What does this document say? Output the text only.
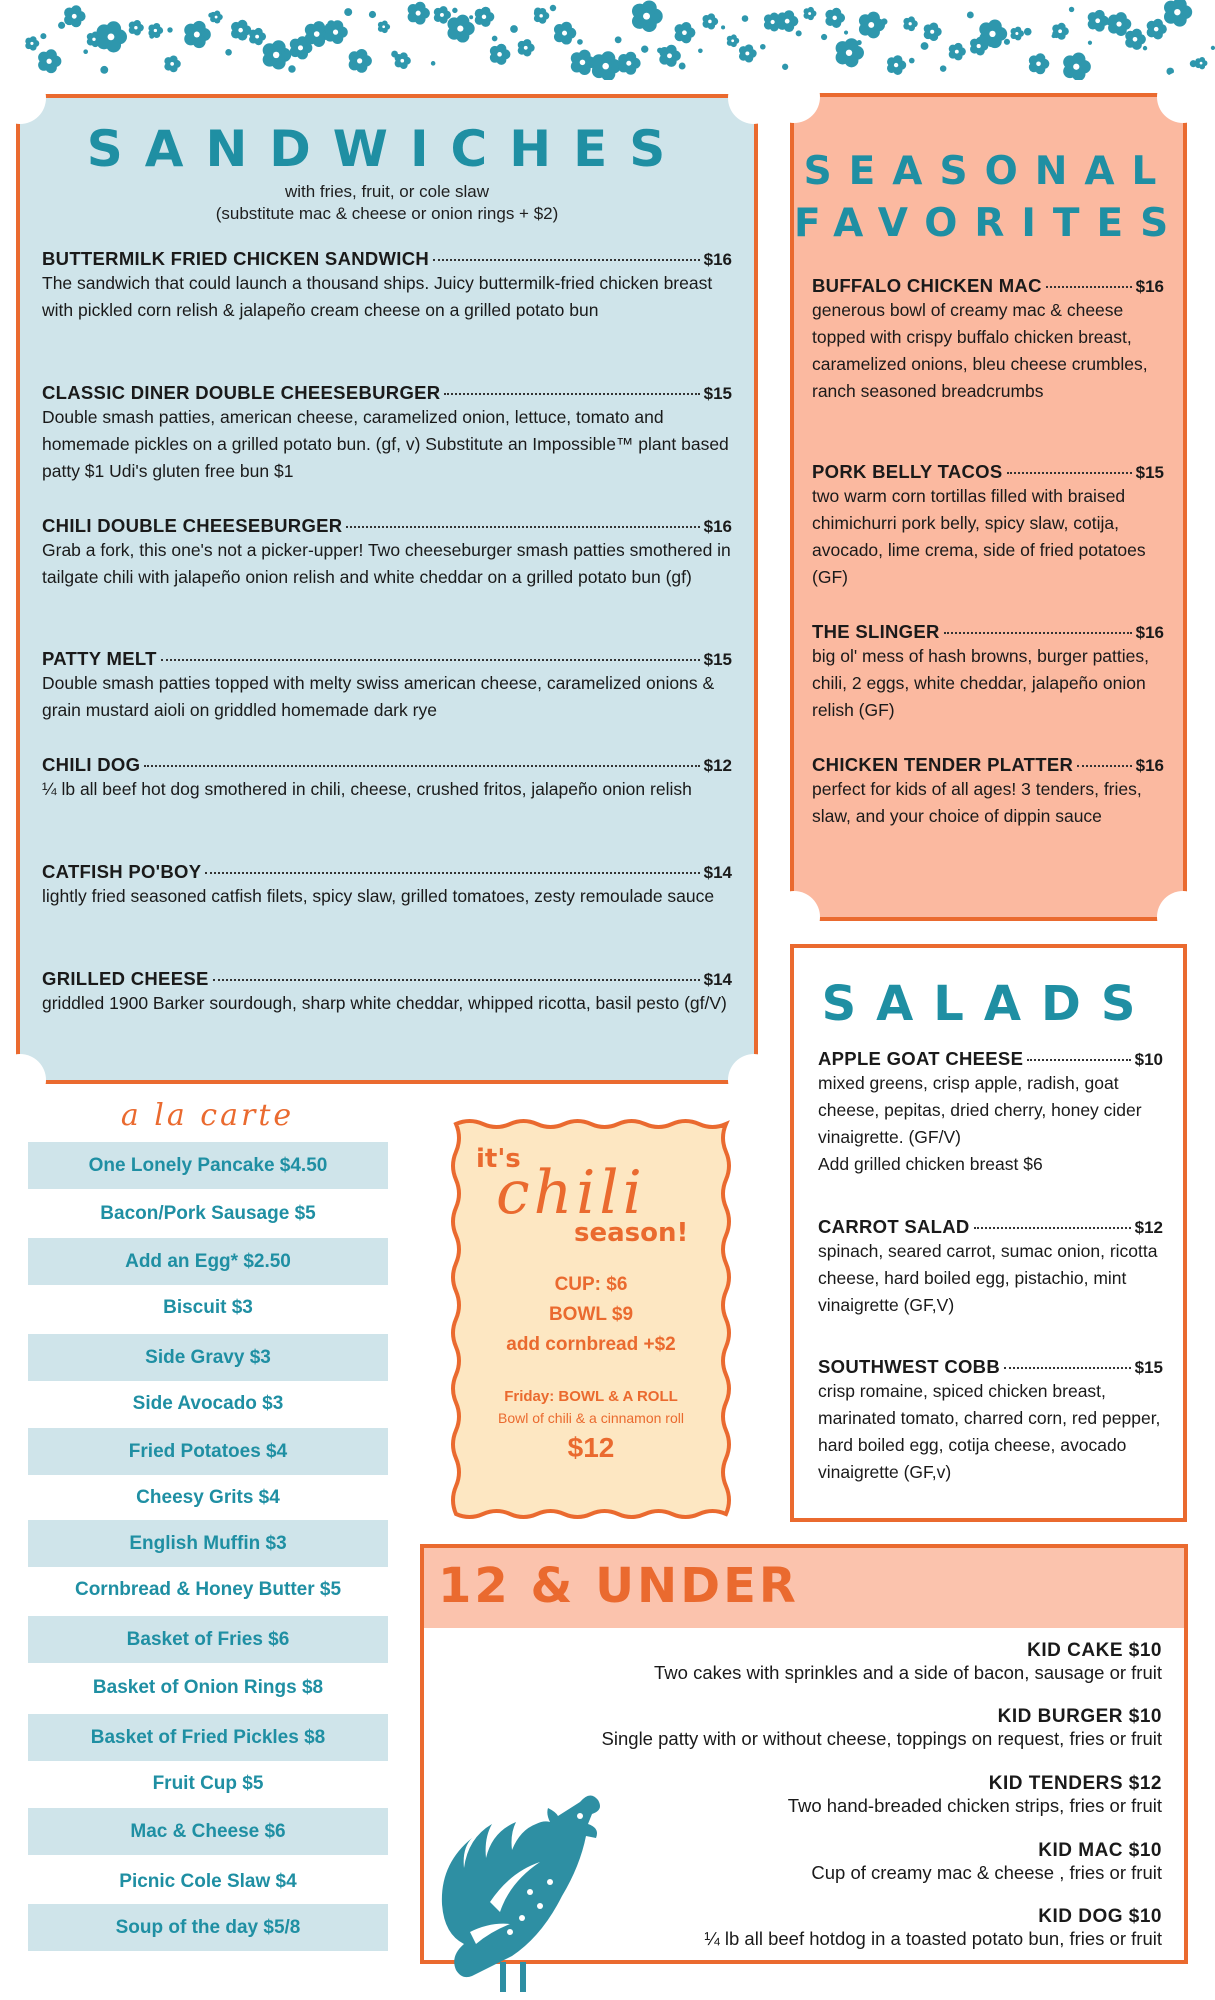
SANDWICHES
with fries, fruit, or cole slaw
(substitute mac & cheese or onion rings + $2)
BUTTERMILK FRIED CHICKEN SANDWICH	$16
The sandwich that could launch a thousand ships. Juicy buttermilk-fried chicken breast with pickled corn relish & jalapeño cream cheese on a grilled potato bun
CLASSIC DINER DOUBLE CHEESEBURGER	$15
Double smash patties, american cheese, caramelized onion, lettuce, tomato and homemade pickles on a grilled potato bun. (gf, v) Substitute an Impossible™ plant based patty $1 Udi's gluten free bun $1
CHILI DOUBLE CHEESEBURGER	$16
Grab a fork, this one's not a picker-upper! Two cheeseburger smash patties smothered in tailgate chili with jalapeño onion relish and white cheddar on a grilled potato bun (gf)
PATTY MELT	$15
Double smash patties topped with melty swiss american cheese, caramelized onions & grain mustard aioli on griddled homemade dark rye
CHILI DOG	$12
¼ lb all beef hot dog smothered in chili, cheese, crushed fritos, jalapeño onion relish
CATFISH PO'BOY	$14
lightly fried seasoned catfish filets, spicy slaw, grilled tomatoes, zesty remoulade sauce
GRILLED CHEESE	$14
griddled 1900 Barker sourdough, sharp white cheddar, whipped ricotta, basil pesto (gf/V)
SEASONAL
FAVORITES
BUFFALO CHICKEN MAC	$16
generous bowl of creamy mac & cheese topped with crispy buffalo chicken breast, caramelized onions, bleu cheese crumbles, ranch seasoned breadcrumbs
PORK BELLY TACOS	$15
two warm corn tortillas filled with braised chimichurri pork belly, spicy slaw, cotija, avocado, lime crema, side of fried potatoes (GF)
THE SLINGER	$16
big ol' mess of hash browns, burger patties, chili, 2 eggs, white cheddar, jalapeño onion relish (GF)
CHICKEN TENDER PLATTER	$16
perfect for kids of all ages! 3 tenders, fries, slaw, and your choice of dippin sauce
SALADS
APPLE GOAT CHEESE	$10
mixed greens, crisp apple, radish, goat cheese, pepitas, dried cherry, honey cider vinaigrette. (GF/V)
Add grilled chicken breast $6
CARROT SALAD	$12
spinach, seared carrot, sumac onion, ricotta cheese, hard boiled egg, pistachio, mint vinaigrette (GF,V)
SOUTHWEST COBB	$15
crisp romaine, spiced chicken breast, marinated tomato, charred corn, red pepper, hard boiled egg, cotija cheese, avocado vinaigrette (GF,v)
a la carte
One Lonely Pancake $4.50
Bacon/Pork Sausage $5
Add an Egg* $2.50
Biscuit $3
Side Gravy $3
Side Avocado $3
Fried Potatoes $4
Cheesy Grits $4
English Muffin $3
Cornbread & Honey Butter $5
Basket of Fries $6
Basket of Onion Rings $8
Basket of Fried Pickles $8
Fruit Cup $5
Mac & Cheese $6
Picnic Cole Slaw $4
Soup of the day $5/8
it's
chili
season!
CUP: $6
BOWL $9
add cornbread +$2
Friday: BOWL & A ROLL
Bowl of chili & a cinnamon roll
$12
12 & UNDER
KID CAKE $10
Two cakes with sprinkles and a side of bacon, sausage or fruit
KID BURGER $10
Single patty with or without cheese, toppings on request, fries or fruit
KID TENDERS $12
Two hand-breaded chicken strips, fries or fruit
KID MAC $10
Cup of creamy mac & cheese , fries or fruit
KID DOG $10
¼ lb all beef hotdog in a toasted potato bun, fries or fruit
